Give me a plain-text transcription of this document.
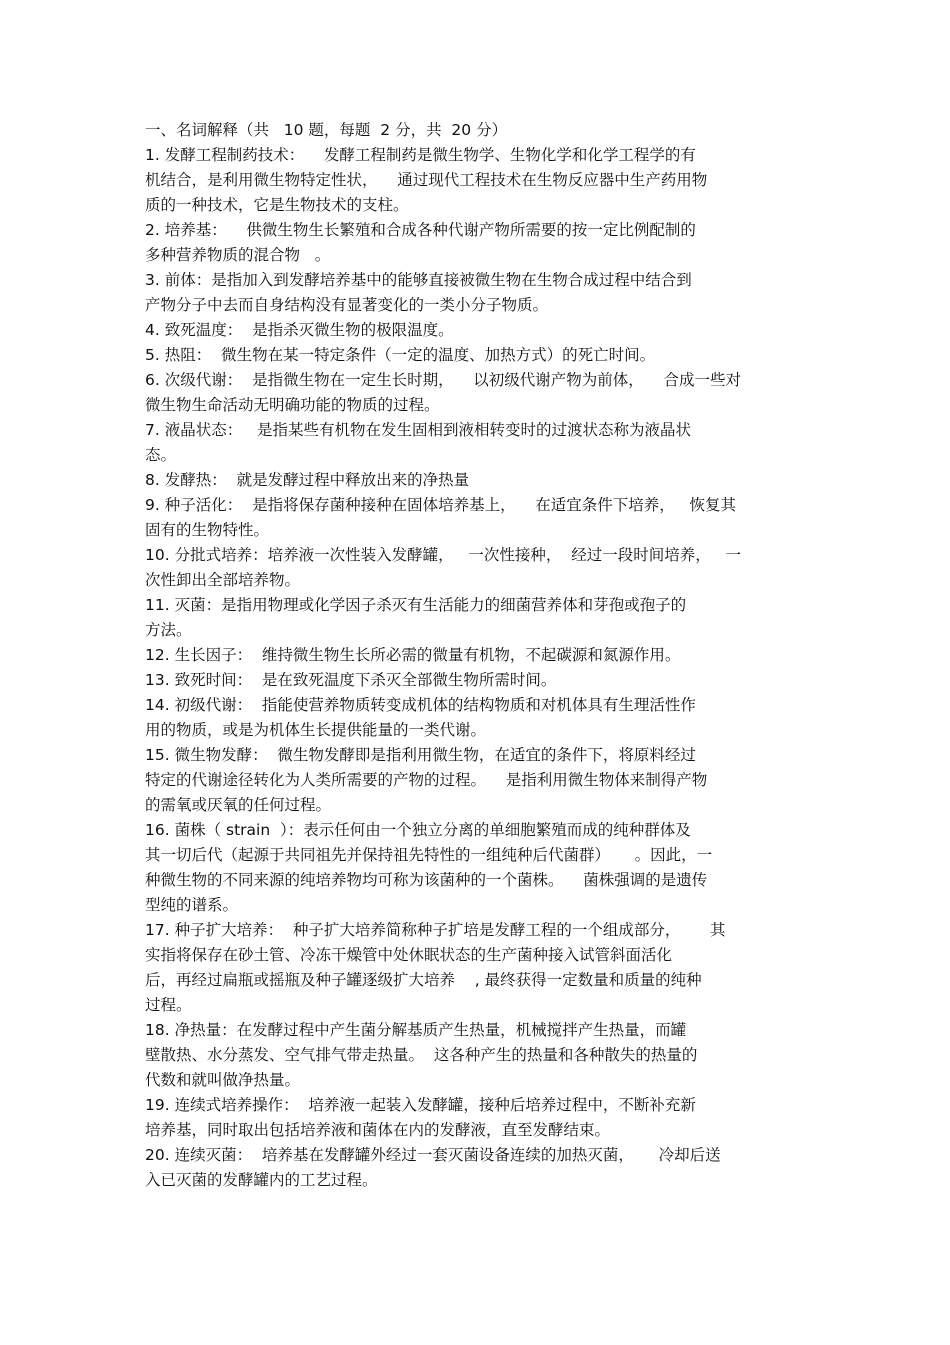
一、名词解释（共   10 题，每题  2 分，共  20 分）
1. 发酵工程制药技术：    发酵工程制药是微生物学、生物化学和化学工程学的有
机结合，是利用微生物特定性状，    通过现代工程技术在生物反应器中生产药用物
质的一种技术，它是生物技术的支柱。
2. 培养基：    供微生物生长繁殖和合成各种代谢产物所需要的按一定比例配制的
多种营养物质的混合物   。
3. 前体：是指加入到发酵培养基中的能够直接被微生物在生物合成过程中结合到
产物分子中去而自身结构没有显著变化的一类小分子物质。
4. 致死温度：  是指杀灭微生物的极限温度。
5. 热阻：  微生物在某一特定条件（一定的温度、加热方式）的死亡时间。
6. 次级代谢：  是指微生物在一定生长时期，    以初级代谢产物为前体，    合成一些对
微生物生命活动无明确功能的物质的过程。
7. 液晶状态：   是指某些有机物在发生固相到液相转变时的过渡状态称为液晶状
态。
8. 发酵热：  就是发酵过程中释放出来的净热量
9. 种子活化：  是指将保存菌种接种在固体培养基上，    在适宜条件下培养，   恢复其
固有的生物特性。
10. 分批式培养：培养液一次性装入发酵罐，   一次性接种，  经过一段时间培养，   一
次性卸出全部培养物。
11. 灭菌：是指用物理或化学因子杀灭有生活能力的细菌营养体和芽孢或孢子的
方法。
12. 生长因子：  维持微生物生长所必需的微量有机物，不起碳源和氮源作用。
13. 致死时间：  是在致死温度下杀灭全部微生物所需时间。
14. 初级代谢：  指能使营养物质转变成机体的结构物质和对机体具有生理活性作
用的物质，或是为机体生长提供能量的一类代谢。
15. 微生物发酵：  微生物发酵即是指利用微生物，在适宜的条件下，将原料经过
特定的代谢途径转化为人类所需要的产物的过程。    是指利用微生物体来制得产物
的需氧或厌氧的任何过程。
16. 菌株（ strain  ）：表示任何由一个独立分离的单细胞繁殖而成的纯种群体及
其一切后代（起源于共同祖先并保持祖先特性的一组纯种后代菌群）     。因此，一
种微生物的不同来源的纯培养物均可称为该菌种的一个菌株。    菌株强调的是遗传
型纯的谱系。
17. 种子扩大培养：  种子扩大培养简称种子扩培是发酵工程的一个组成部分，      其
实指将保存在砂土管、冷冻干燥管中处休眠状态的生产菌种接入试管斜面活化
后，再经过扁瓶或摇瓶及种子罐逐级扩大培养    , 最终获得一定数量和质量的纯种
过程。
18. 净热量：在发酵过程中产生菌分解基质产生热量，机械搅拌产生热量，而罐
壁散热、水分蒸发、空气排气带走热量。  这各种产生的热量和各种散失的热量的
代数和就叫做净热量。
19. 连续式培养操作：  培养液一起装入发酵罐，接种后培养过程中，不断补充新
培养基，同时取出包括培养液和菌体在内的发酵液，直至发酵结束。
20. 连续灭菌：  培养基在发酵罐外经过一套灭菌设备连续的加热灭菌，     冷却后送
入已灭菌的发酵罐内的工艺过程。
